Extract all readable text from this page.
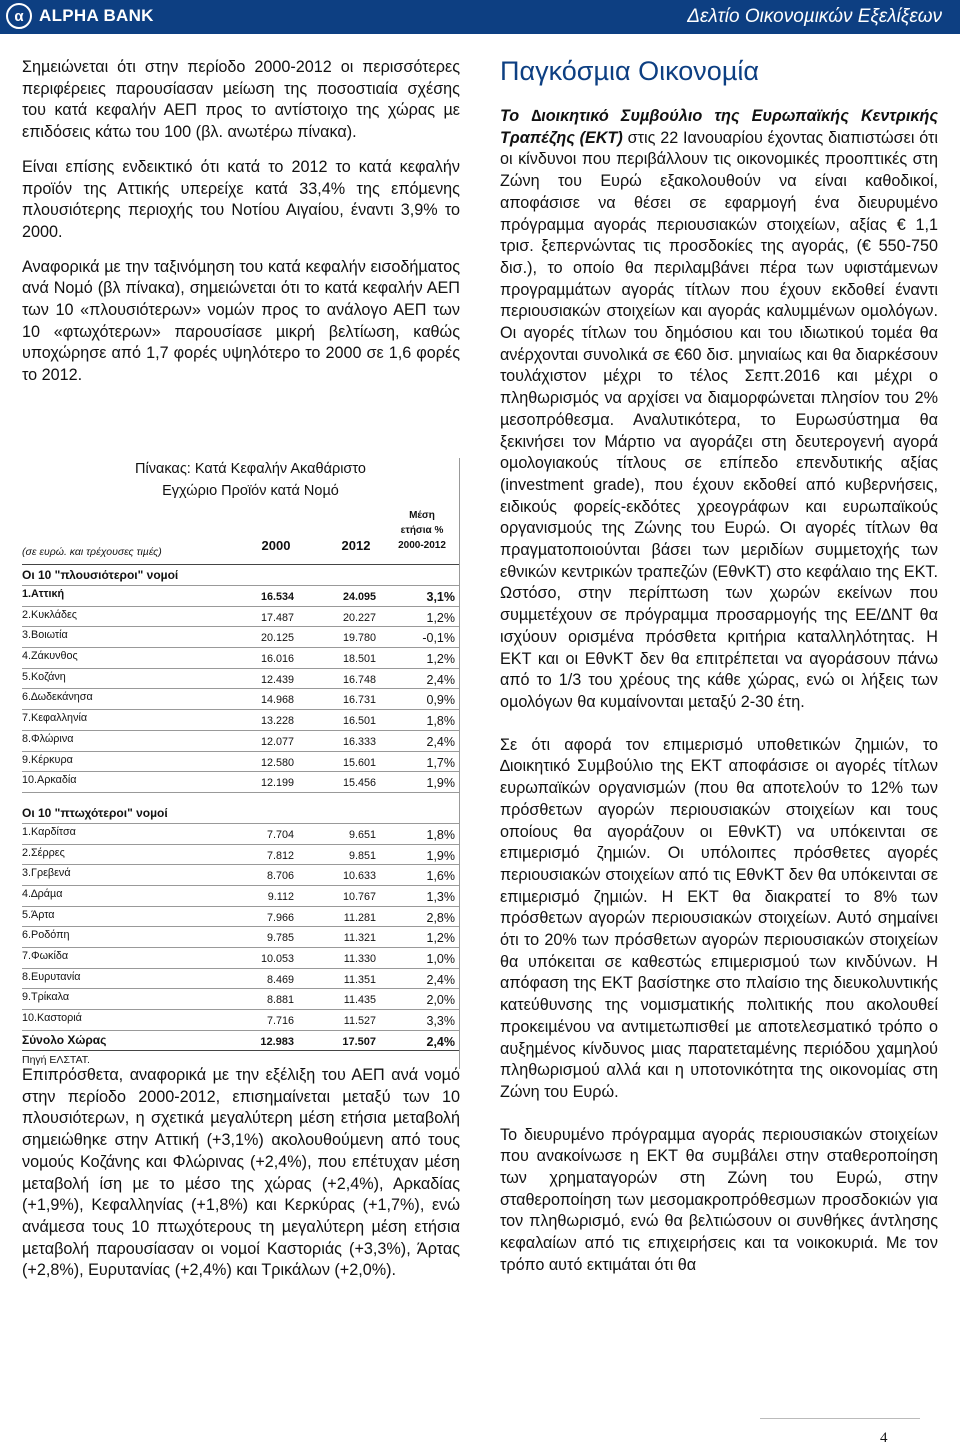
α ALPHA BANK	Δελτίο Οικονοµικών Εξελίξεων

Σηµειώνεται ότι στην περίοδο 2000-2012 οι περισσότερες περιφέρειες παρουσίασαν µείωση της ποσοστιαία σχέσης του κατά κεφαλήν ΑΕΠ προς το αντίστοιχο της χώρας µε επιδόσεις κάτω του 100 (βλ. ανωτέρω πίνακα).

Είναι επίσης ενδεικτικό ότι κατά το 2012 το κατά κεφαλήν προϊόν της Αττικής υπερείχε κατά 33,4% της επόµενης πλουσιότερης περιοχής του Νοτίου Αιγαίου, έναντι 3,9% το 2000.

Αναφορικά µε την ταξινόµηση του κατά κεφαλήν εισοδήµατος ανά Νοµό (βλ πίνακα), σηµειώνεται ότι το κατά κεφαλήν ΑΕΠ των 10 «πλουσιότερων» νοµών προς το ανάλογο ΑΕΠ των 10 «φτωχότερων» παρουσίασε µικρή βελτίωση, καθώς υποχώρησε από 1,7 φορές υψηλότερο το 2000 σε 1,6 φορές το 2012.

Πίνακας: Κατά Κεφαλήν Ακαθάριστο
Εγχώριο Προϊόν κατά Νοµό
(σε ευρώ. και τρέχουσες τιµές)	2000	2012
Μέση
ετήσια %
2000-2012
Οι 10 "πλουσιότεροι" νοµοί
1.Αττική	16.534	24.095	3,1%
2.Κυκλάδες	17.487	20.227	1,2%
3.Βοιωτία	20.125	19.780	-0,1%
4.Ζάκυνθος	16.016	18.501	1,2%
5.Κοζάνη	12.439	16.748	2,4%
6.∆ωδεκάνησα	14.968	16.731	0,9%
7.Κεφαλληνία	13.228	16.501	1,8%
8.Φλώρινα	12.077	16.333	2,4%
9.Κέρκυρα	12.580	15.601	1,7%
10.Αρκαδία	12.199	15.456	1,9%
Οι 10 "πτωχότεροι" νοµοί
1.Καρδίτσα	7.704	9.651	1,8%
2.Σέρρες	7.812	9.851	1,9%
3.Γρεβενά	8.706	10.633	1,6%
4.∆ράµα	9.112	10.767	1,3%
5.Άρτα	7.966	11.281	2,8%
6.Ροδόπη	9.785	11.321	1,2%
7.Φωκίδα	10.053	11.330	1,0%
8.Ευρυτανία	8.469	11.351	2,4%
9.Τρίκαλα	8.881	11.435	2,0%
10.Καστοριά	7.716	11.527	3,3%
Σύνολο Χώρας	12.983	17.507	2,4%
Πηγή ΕΛΣΤΑΤ.

Επιπρόσθετα, αναφορικά µε την εξέλιξη του ΑΕΠ ανά νοµό στην περίοδο 2000-2012, επισηµαίνεται µεταξύ των 10 πλουσιότερων, η σχετικά µεγαλύτερη µέση ετήσια µεταβολή σηµειώθηκε στην Αττική (+3,1%) ακολουθούµενη από τους νοµούς Κοζάνης και Φλώρινας (+2,4%), που επέτυχαν µέση µεταβολή ίση µε το µέσο της χώρας (+2,4%), Αρκαδίας (+1,9%), Κεφαλληνίας (+1,8%) και Κερκύρας (+1,7%), ενώ ανάµεσα τους 10 πτωχότερους τη µεγαλύτερη µέση ετήσια µεταβολή παρουσίασαν οι νοµοί Καστοριάς (+3,3%), Άρτας (+2,8%), Ευρυτανίας (+2,4%) και Τρικάλων (+2,0%).

Παγκόσµια Οικονοµία

Το ∆ιοικητικό Συµβούλιο της Ευρωπαϊκής Κεντρικής Τραπέζης (ΕΚΤ) στις 22 Ιανουαρίου έχοντας διαπιστώσει ότι οι κίνδυνοι που περιβάλλουν τις οικονοµικές προοπτικές στη Ζώνη του Ευρώ εξακολουθούν να είναι καθοδικοί, αποφάσισε να θέσει σε εφαρµογή ένα διευρυµένο πρόγραµµα αγοράς περιουσιακών στοιχείων, αξίας € 1,1 τρισ. ξεπερνώντας τις προσδοκίες της αγοράς, (€ 550-750 δισ.), το οποίο θα περιλαµβάνει πέρα των υφιστάµενων προγραµµάτων αγοράς τίτλων που έχουν εκδοθεί έναντι περιουσιακών στοιχείων και αγοράς καλυµµένων οµολόγων. Οι αγορές τίτλων του δηµόσιου και του ιδιωτικού τοµέα θα ανέρχονται συνολικά σε €60 δισ. µηνιαίως και θα διαρκέσουν τουλάχιστον µέχρι το τέλος Σεπτ.2016 και µέχρι ο πληθωρισµός να αρχίσει να διαµορφώνεται πλησίον του 2% µεσοπρόθεσµα. Αναλυτικότερα, το Ευρωσύστηµα θα ξεκινήσει τον Μάρτιο να αγοράζει στη δευτερογενή αγορά οµολογιακούς τίτλους σε επίπεδο επενδυτικής αξίας (investment grade), που έχουν εκδοθεί από κυβερνήσεις, ειδικούς φορείς-εκδότες χρεογράφων και ευρωπαϊκούς οργανισµούς της Ζώνης του Ευρώ. Οι αγορές τίτλων θα πραγµατοποιούνται βάσει των µεριδίων συµµετοχής των εθνικών κεντρικών τραπεζών (ΕθνΚΤ) στο κεφάλαιο της ΕΚΤ. Ωστόσο, στην περίπτωση των χωρών εκείνων που συµµετέχουν σε πρόγραµµα προσαρµογής της ΕΕ/∆ΝΤ θα ισχύουν ορισµένα πρόσθετα κριτήρια καταλληλότητας. Η ΕΚΤ και οι ΕθνΚΤ δεν θα επιτρέπεται να αγοράσουν πάνω από το 1/3 του χρέους της κάθε χώρας, ενώ οι λήξεις των οµολόγων θα κυµαίνονται µεταξύ 2-30 έτη.

Σε ότι αφορά τον επιµερισµό υποθετικών ζηµιών, το ∆ιοικητικό Συµβούλιο της ΕΚΤ αποφάσισε οι αγορές τίτλων ευρωπαϊκών οργανισµών (που θα αποτελούν το 12% των πρόσθετων αγορών περιουσιακών στοιχείων και τους οποίους θα αγοράζουν οι ΕθνΚΤ) να υπόκεινται σε επιµερισµό ζηµιών. Οι υπόλοιπες πρόσθετες αγορές περιουσιακών στοιχείων από τις ΕθνΚΤ δεν θα υπόκεινται σε επιµερισµό ζηµιών. Η ΕΚΤ θα διακρατεί το 8% των πρόσθετων αγορών περιουσιακών στοιχείων. Αυτό σηµαίνει ότι το 20% των πρόσθετων αγορών περιουσιακών στοιχείων θα υπόκειται σε καθεστώς επιµερισµού των κινδύνων. Η απόφαση της ΕΚΤ βασίστηκε στο πλαίσιο της διευκολυντικής κατεύθυνσης της νοµισµατικής πολιτικής που ακολουθεί προκειµένου να αντιµετωπισθεί µε αποτελεσµατικό τρόπο ο αυξηµένος κίνδυνος µιας παρατεταµένης περιόδου χαµηλού πληθωρισµού αλλά και η υποτονικότητα της οικονοµίας στη Ζώνη του Ευρώ.

Το διευρυµένο πρόγραµµα αγοράς περιουσιακών στοιχείων που ανακοίνωσε η ΕΚΤ θα συµβάλει στην σταθεροποίηση των χρηµαταγορών στη Ζώνη του Ευρώ, στην σταθεροποίηση των µεσοµακροπρόθεσµων προσδοκιών για τον πληθωρισµό, ενώ θα βελτιώσουν οι συνθήκες άντλησης κεφαλαίων από τις επιχειρήσεις και τα νοικοκυριά. Με τον τρόπο αυτό εκτιµάται ότι θα

4
